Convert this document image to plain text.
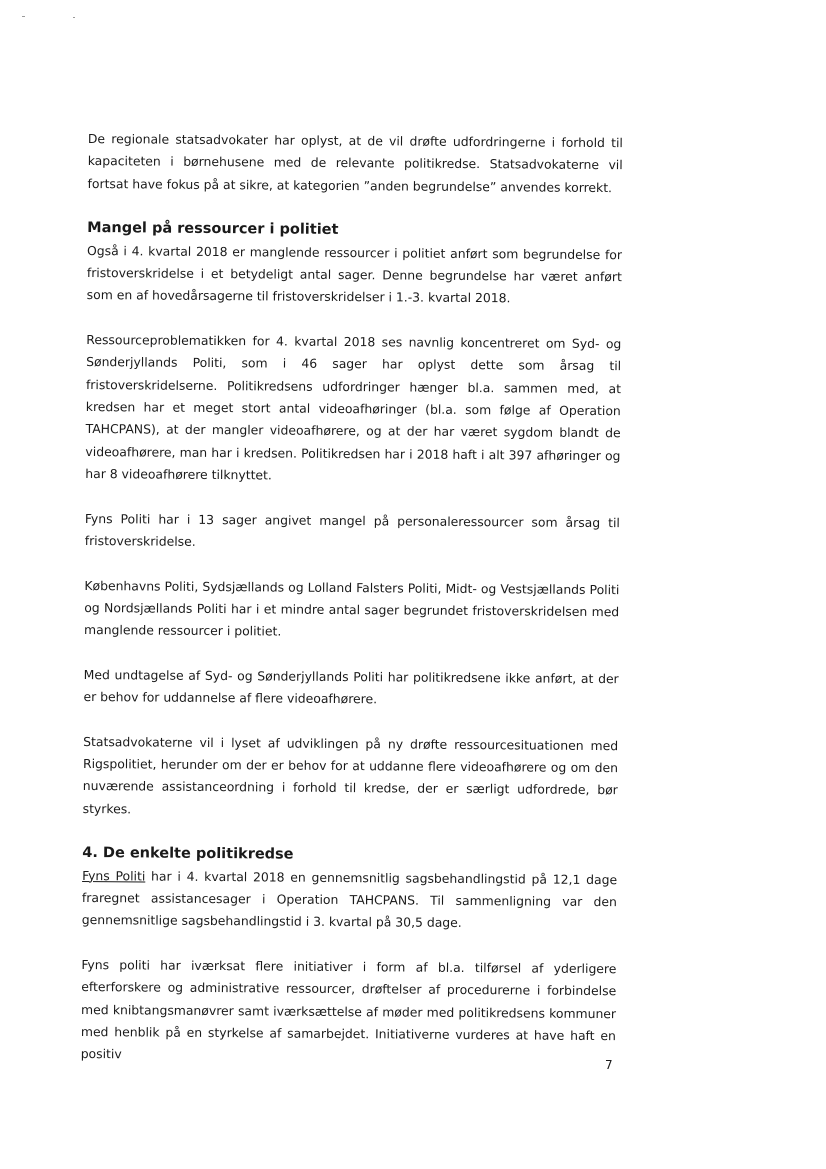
De regionale statsadvokater har oplyst, at de vil drøfte udfordringerne i forhold til kapaciteten i børnehusene med de relevante politikredse. Statsadvokaterne vil fortsat have fokus på at sikre, at kategorien ”anden begrundelse” anvendes korrekt.

Mangel på ressourcer i politiet

Også i 4. kvartal 2018 er manglende ressourcer i politiet anført som begrundelse for fristoverskridelse i et betydeligt antal sager. Denne begrundelse har været anført som en af hovedårsagerne til fristoverskridelser i 1.-3. kvartal 2018.

Ressourceproblematikken for 4. kvartal 2018 ses navnlig koncentreret om Syd- og Sønderjyllands Politi, som i 46 sager har oplyst dette som årsag til fristoverskridelserne. Politikredsens udfordringer hænger bl.a. sammen med, at kredsen har et meget stort antal videoafhøringer (bl.a. som følge af Operation TAHCPANS), at der mangler videoafhørere, og at der har været sygdom blandt de videoafhørere, man har i kredsen. Politikredsen har i 2018 haft i alt 397 afhøringer og har 8 videoafhørere tilknyttet.

Fyns Politi har i 13 sager angivet mangel på personaleressourcer som årsag til fristoverskridelse.

Københavns Politi, Sydsjællands og Lolland Falsters Politi, Midt- og Vestsjællands Politi og Nordsjællands Politi har i et mindre antal sager begrundet fristoverskridelsen med manglende ressourcer i politiet.

Med undtagelse af Syd- og Sønderjyllands Politi har politikredsene ikke anført, at der er behov for uddannelse af flere videoafhørere.

Statsadvokaterne vil i lyset af udviklingen på ny drøfte ressourcesituationen med Rigspolitiet, herunder om der er behov for at uddanne flere videoafhørere og om den nuværende assistanceordning i forhold til kredse, der er særligt udfordrede, bør styrkes.

4. De enkelte politikredse

Fyns Politi har i 4. kvartal 2018 en gennemsnitlig sagsbehandlingstid på 12,1 dage fraregnet assistancesager i Operation TAHCPANS. Til sammenligning var den gennemsnitlige sagsbehandlingstid i 3. kvartal på 30,5 dage.

Fyns politi har iværksat flere initiativer i form af bl.a. tilførsel af yderligere efterforskere og administrative ressourcer, drøftelser af procedurerne i forbindelse med knibtangsmanøvrer samt iværksættelse af møder med politikredsens kommuner med henblik på en styrkelse af samarbejdet. Initiativerne vurderes at have haft en positiv

7
